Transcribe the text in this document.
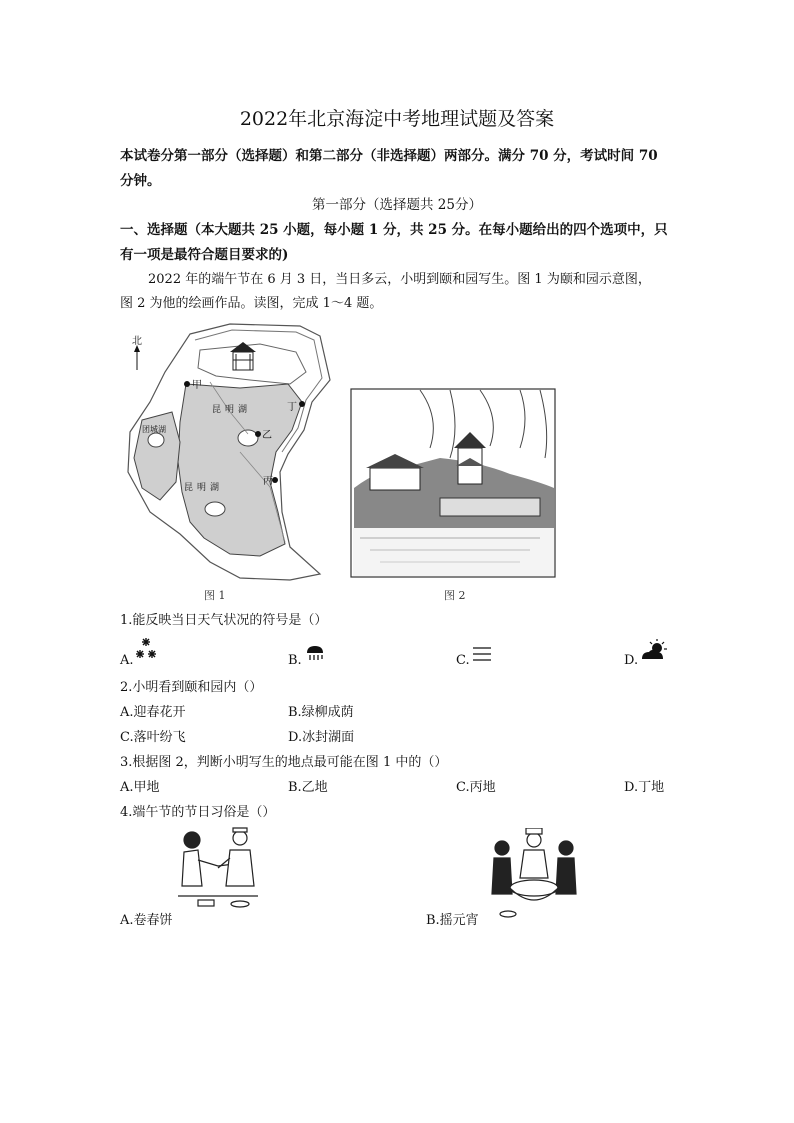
2022年北京海淀中考地理试题及答案
本试卷分第一部分（选择题）和第二部分（非选择题）两部分。满分 70 分，考试时间 70
分钟。
第一部分（选择题共 25分）
一、选择题（本大题共 25 小题，每小题 1 分，共 25 分。在每小题给出的四个选项中，只
有一项是最符合题目要求的)
2022 年的端午节在 6 月 3 日，当日多云，小明到颐和园写生。图 1 为颐和园示意图，
图 2 为他的绘画作品。读图，完成 1～4 题。
北
甲
乙
丙
丁
昆明湖
团城湖
昆明湖
图 1	图 2
1.能反映当日天气状况的符号是（）
A.	B.	C.	D.
2.小明看到颐和园内（）
A.迎春花开	B.绿柳成荫
C.落叶纷飞	D.冰封湖面
3.根据图 2，判断小明写生的地点最可能在图 1 中的（）
A.甲地	B.乙地	C.丙地	D.丁地
4.端午节的节日习俗是（）
A.卷春饼	B.摇元宵
